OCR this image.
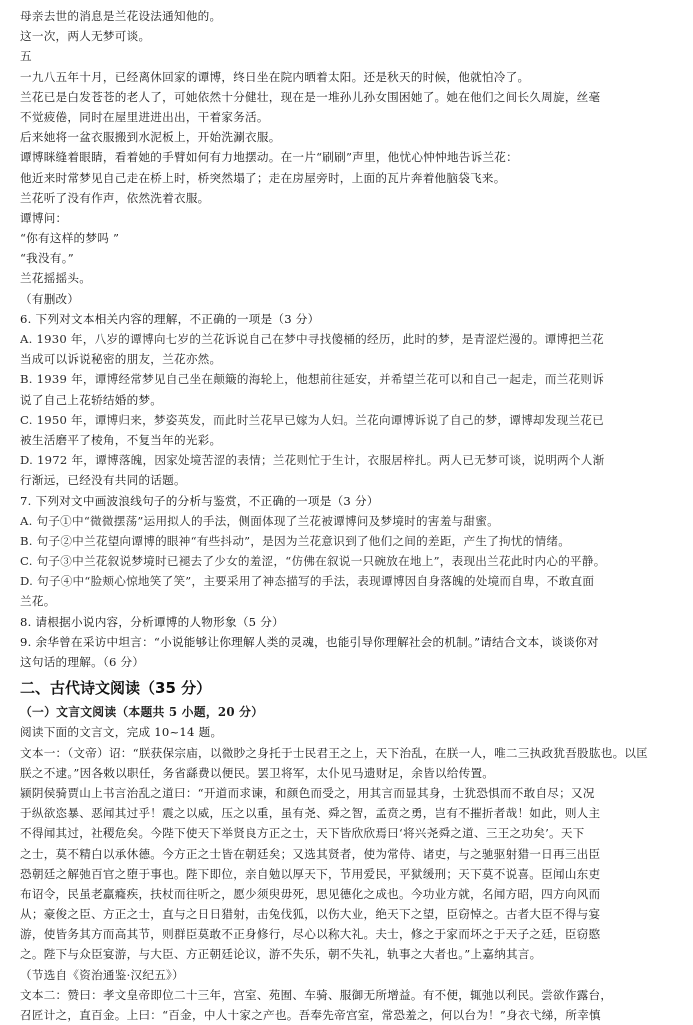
母亲去世的消息是兰花设法通知他的。
这一次，两人无梦可谈。
五
一九八五年十月，已经离休回家的谭博，终日坐在院内晒着太阳。还是秋天的时候，他就怕冷了。
兰花已是白发苍苍的老人了，可她依然十分健壮，现在是一堆孙儿孙女围困她了。她在他们之间长久周旋，丝毫
不觉疲倦，同时在屋里进进出出，干着家务活。
后来她将一盆衣服搬到水泥板上，开始洗涮衣服。
谭博眯缝着眼睛，看着她的手臂如何有力地摆动。在一片“刷刷”声里，他忧心忡忡地告诉兰花：
他近来时常梦见自己走在桥上时，桥突然塌了；走在房屋旁时，上面的瓦片奔着他脑袋飞来。
兰花听了没有作声，依然洗着衣服。
谭博问：
“你有这样的梦吗 ”
“我没有。”
兰花摇摇头。
（有删改）
6. 下列对文本相关内容的理解，不正确的一项是（3 分）
A. 1930 年，八岁的谭博向七岁的兰花诉说自己在梦中寻找傻桶的经历，此时的梦，是青涩烂漫的。谭博把兰花
当成可以诉说秘密的朋友，兰花亦然。
B. 1939 年，谭博经常梦见自己坐在颠簸的海轮上，他想前往延安，并希望兰花可以和自己一起走，而兰花则诉
说了自己上花轿结婚的梦。
C. 1950 年，谭博归来，梦姿英发，而此时兰花早已嫁为人妇。兰花向谭博诉说了自己的梦，谭博却发现兰花已
被生活磨平了棱角，不复当年的光彩。
D. 1972 年，谭博落魄，因家处境苦涩的表情；兰花则忙于生计，衣服居梓扎。两人已无梦可谈，说明两个人渐
行渐远，已经没有共同的话题。
7. 下列对文中画波浪线句子的分析与鉴赏，不正确的一项是（3 分）
A. 句子①中“微微摆荡”运用拟人的手法，侧面体现了兰花被谭博问及梦境时的害羞与甜蜜。
B. 句子②中兰花望向谭博的眼神“有些抖动”，是因为兰花意识到了他们之间的差距，产生了拘忧的情绪。
C. 句子③中兰花叙说梦境时已褪去了少女的羞涩，“仿佛在叙说一只碗放在地上”，表现出兰花此时内心的平静。
D. 句子④中“脸颊心惊地笑了笑”，主要采用了神态描写的手法，表现谭博因自身落魄的处境而自卑，不敢直面
兰花。
8. 请根据小说内容，分析谭博的人物形象（5 分）
9. 余华曾在采访中坦言：“小说能够让你理解人类的灵魂，也能引导你理解社会的机制。”请结合文本，谈谈你对
这句话的理解。（6 分）
二、古代诗文阅读（35 分）
（一）文言文阅读（本题共 5 小题，20 分）
阅读下面的文言文，完成 10~14 题。
文本一：（文帝）诏：“朕获保宗庙，以微眇之身托于士民君王之上，天下治乱，在朕一人，唯二三执政犹吾股肱也。以匡
朕之不逮。”因各敕以职任，务省繇费以便民。罢卫将军，太仆见马遗财足，余皆以给传置。
颍阴侯骑贾山上书言治乱之道曰：“开道而求谏，和颜色而受之，用其言而显其身，士犹恐惧而不敢自尽；又况
于纵欲恣暴、恶闻其过乎！震之以威，压之以重，虽有尧、舜之智，孟贲之勇，岂有不摧折者哉！如此，则人主
不得闻其过，社稷危矣。今陛下使天下举贤良方正之士，天下皆欣欣焉曰‘将兴尧舜之道、三王之功矣’。天下
之士，莫不精白以承休德。今方正之士皆在朝廷矣；又选其贤者，使为常侍、诸吏，与之驰驱射猎一日再三出臣
恐朝廷之解弛百官之堕于事也。陛下即位，亲自勉以厚天下，节用爱民，平狱缓刑；天下莫不说喜。臣闻山东吏
布诏令，民虽老羸癃疾，扶杖而往听之，愿少须臾毋死，思见德化之成也。今功业方就，名闻方昭，四方向风而
从；豪俊之臣、方正之士，直与之日日猎射，击兔伐狐，以伤大业，绝天下之望，臣窃悼之。古者大臣不得与宴
游，使皆务其方而高其节，则群臣莫敢不正身修行，尽心以称大礼。夫士，修之于家而坏之于天子之廷，臣窃愍
之。陛下与众臣宴游，与大臣、方正朝廷论议，游不失乐，朝不失礼，轨事之大者也。”上嘉纳其言。
（节选自《资治通鉴·汉纪五》）
文本二：赞曰：孝文皇帝即位二十三年，宫室、苑囿、车骑、服御无所增益。有不便，辄弛以利民。尝欲作露台，
召匠计之，直百金。上曰：“百金，中人十家之产也。吾奉先帝宫室，常恐羞之，何以台为！”身衣弋绨，所幸慎
